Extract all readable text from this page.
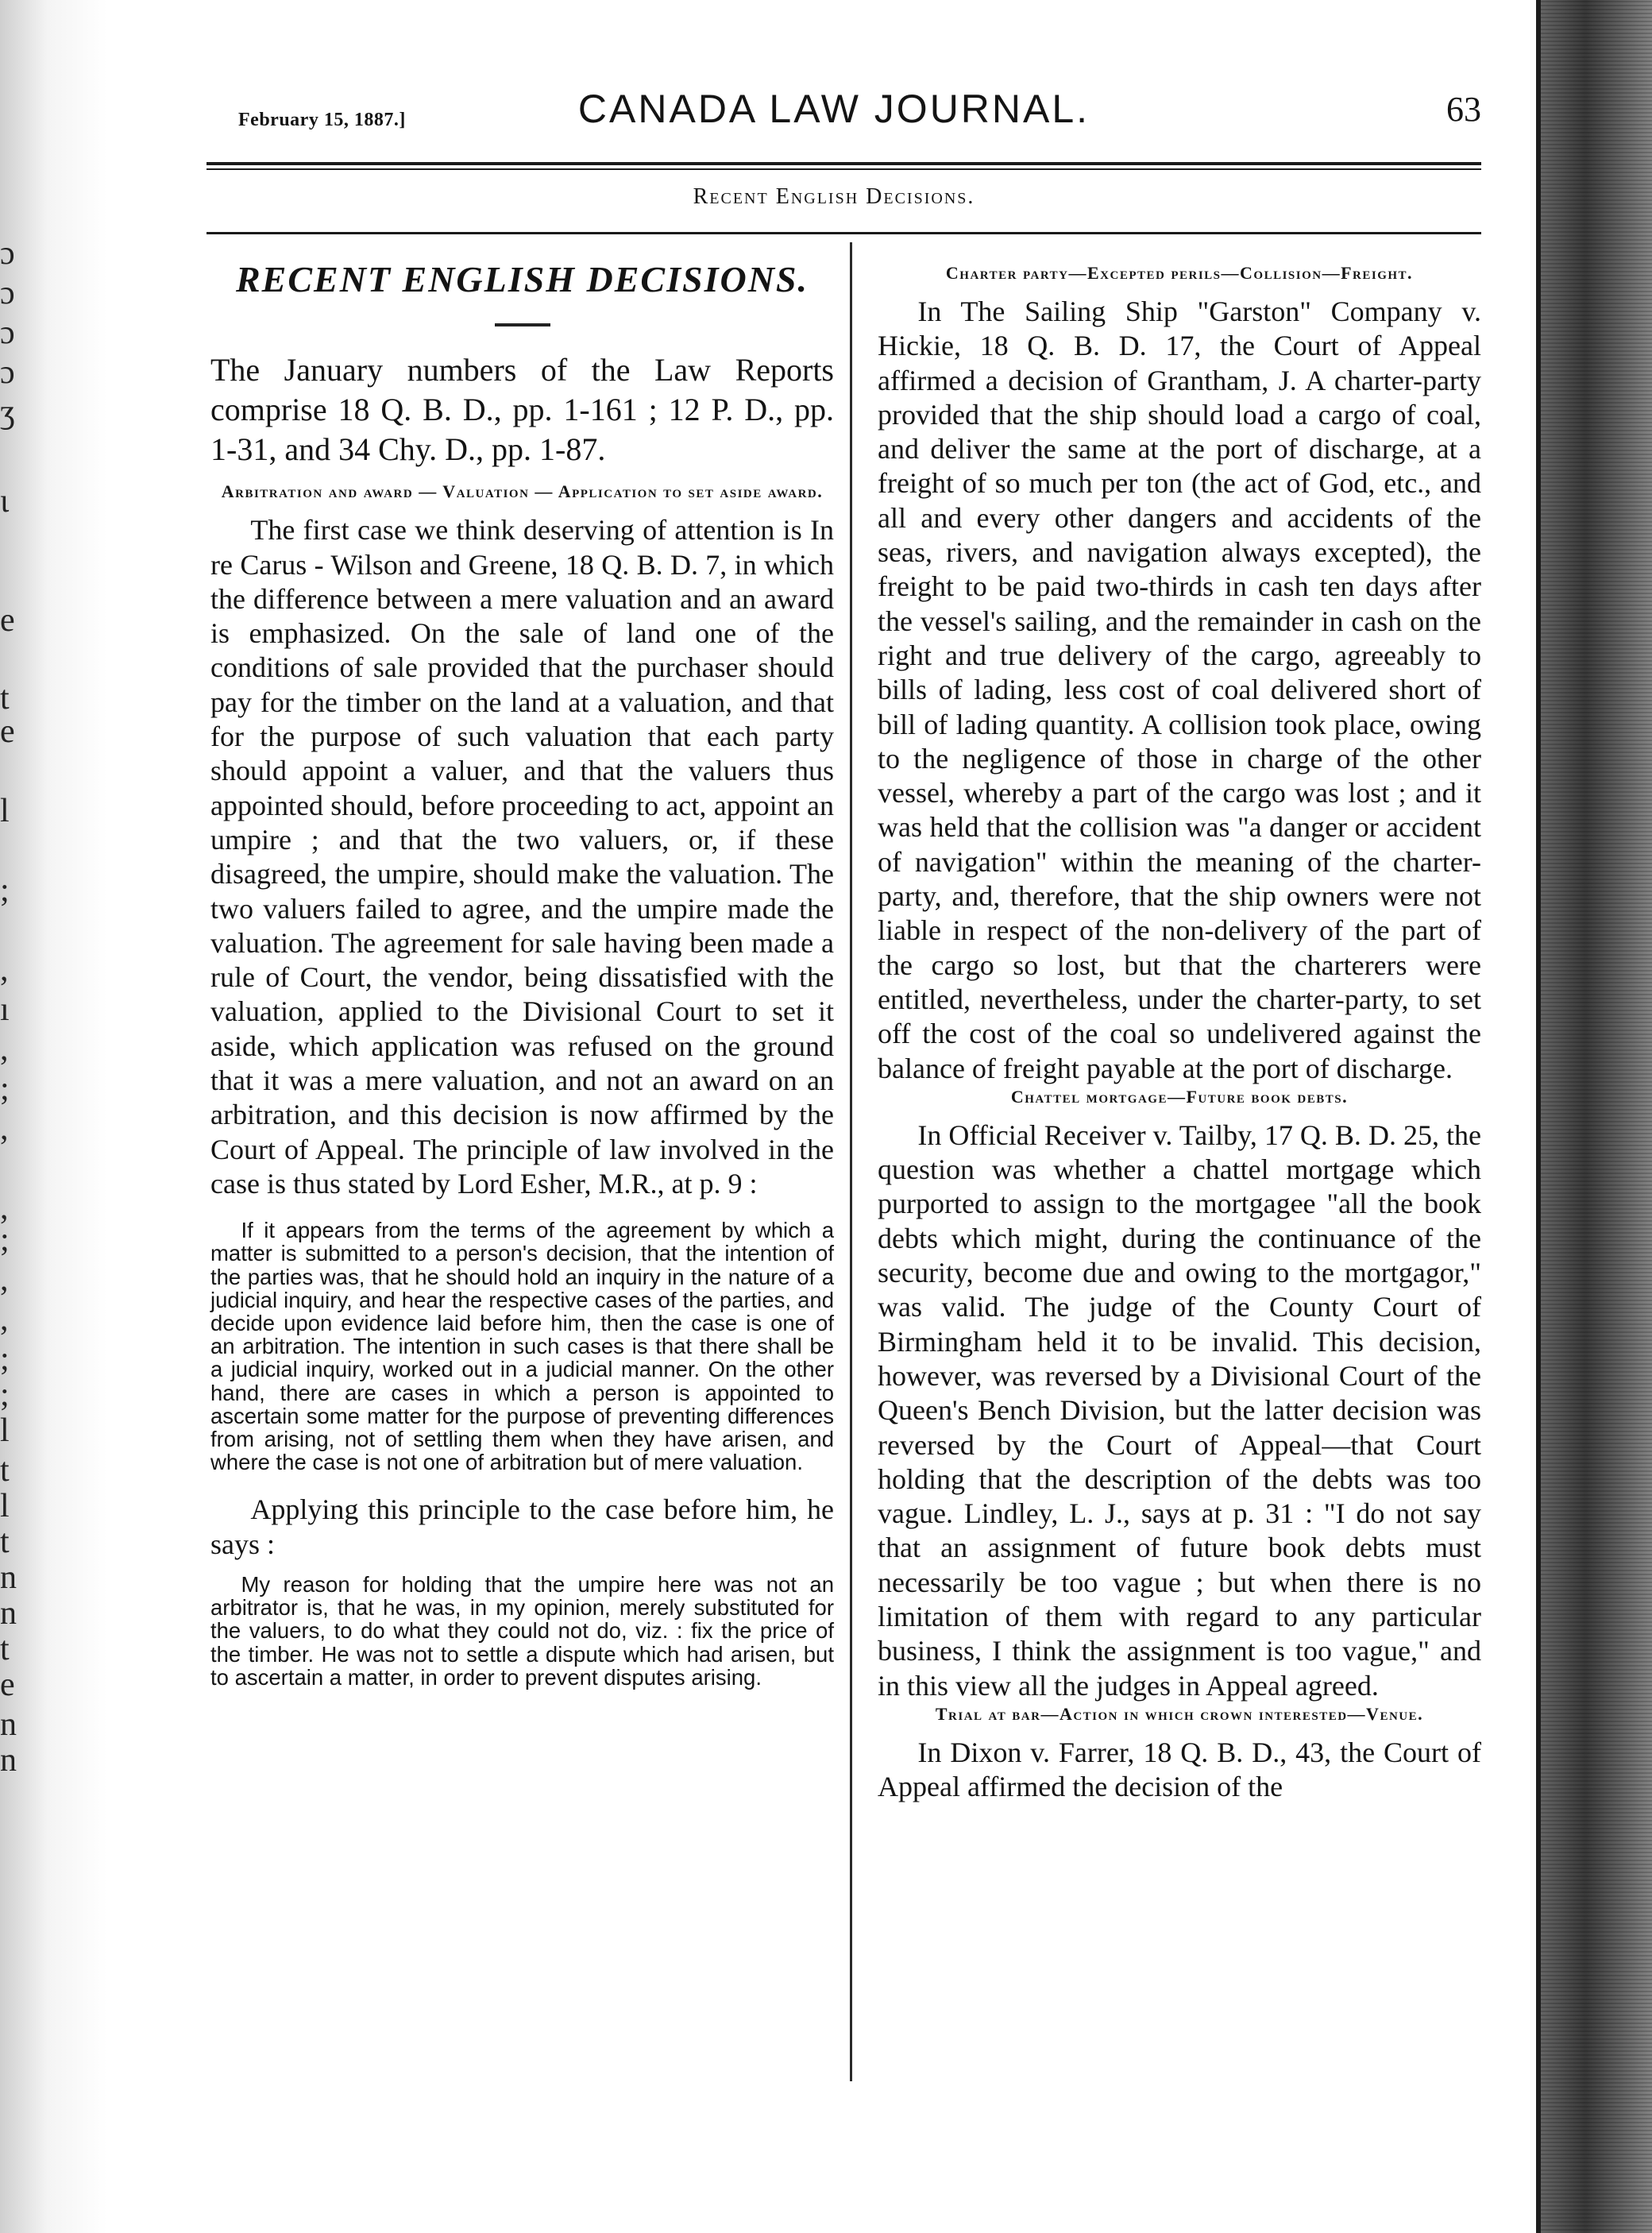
ɔ
ɔ
ɔ
ɔ
ʒ
ɩ
e
t
e
l
;
,
ı
,
;
,
,
;
,
,
;
;
l
t
l
t
n
n
t
e
n
n
February 15, 1887.]	CANADA LAW JOURNAL.	63
Recent English Decisions.
RECENT ENGLISH DECISIONS.

The January numbers of the Law Reports comprise 18 Q. B. D., pp. 1-161 ; 12 P. D., pp. 1-31, and 34 Chy. D., pp. 1-87.

Arbitration and award — Valuation — Application to set aside award.

The first case we think deserving of attention is In re Carus - Wilson and Greene, 18 Q. B. D. 7, in which the difference between a mere valuation and an award is emphasized. On the sale of land one of the conditions of sale provided that the purchaser should pay for the timber on the land at a valuation, and that for the purpose of such valuation that each party should appoint a valuer, and that the valuers thus appointed should, before proceeding to act, appoint an umpire ; and that the two valuers, or, if these disagreed, the umpire, should make the valuation. The two valuers failed to agree, and the umpire made the valuation. The agreement for sale having been made a rule of Court, the vendor, being dissatisfied with the valuation, applied to the Divisional Court to set it aside, which application was refused on the ground that it was a mere valuation, and not an award on an arbitration, and this decision is now affirmed by the Court of Appeal. The principle of law involved in the case is thus stated by Lord Esher, M.R., at p. 9 :

If it appears from the terms of the agreement by which a matter is submitted to a person's decision, that the intention of the parties was, that he should hold an inquiry in the nature of a judicial inquiry, and hear the respective cases of the parties, and decide upon evidence laid before him, then the case is one of an arbitration. The intention in such cases is that there shall be a judicial inquiry, worked out in a judicial manner. On the other hand, there are cases in which a person is appointed to ascertain some matter for the purpose of preventing differences from arising, not of settling them when they have arisen, and where the case is not one of arbitration but of mere valuation.

Applying this principle to the case before him, he says :

My reason for holding that the umpire here was not an arbitrator is, that he was, in my opinion, merely substituted for the valuers, to do what they could not do, viz. : fix the price of the timber. He was not to settle a dispute which had arisen, but to ascertain a matter, in order to prevent disputes arising.

Charter party—Excepted perils—Collision—Freight.

In The Sailing Ship "Garston" Company v. Hickie, 18 Q. B. D. 17, the Court of Appeal affirmed a decision of Grantham, J. A charter-party provided that the ship should load a cargo of coal, and deliver the same at the port of discharge, at a freight of so much per ton (the act of God, etc., and all and every other dangers and accidents of the seas, rivers, and navigation always excepted), the freight to be paid two-thirds in cash ten days after the vessel's sailing, and the remainder in cash on the right and true delivery of the cargo, agreeably to bills of lading, less cost of coal delivered short of bill of lading quantity. A collision took place, owing to the negligence of those in charge of the other vessel, whereby a part of the cargo was lost ; and it was held that the collision was "a danger or accident of navigation" within the meaning of the charter-party, and, therefore, that the ship owners were not liable in respect of the non-delivery of the part of the cargo so lost, but that the charterers were entitled, nevertheless, under the charter-party, to set off the cost of the coal so undelivered against the balance of freight payable at the port of discharge.

Chattel mortgage—Future book debts.

In Official Receiver v. Tailby, 17 Q. B. D. 25, the question was whether a chattel mortgage which purported to assign to the mortgagee "all the book debts which might, during the continuance of the security, become due and owing to the mortgagor," was valid. The judge of the County Court of Birmingham held it to be invalid. This decision, however, was reversed by a Divisional Court of the Queen's Bench Division, but the latter decision was reversed by the Court of Appeal—that Court holding that the description of the debts was too vague. Lindley, L. J., says at p. 31 : "I do not say that an assignment of future book debts must necessarily be too vague ; but when there is no limitation of them with regard to any particular business, I think the assignment is too vague," and in this view all the judges in Appeal agreed.

Trial at bar—Action in which crown interested—Venue.

In Dixon v. Farrer, 18 Q. B. D., 43, the Court of Appeal affirmed the decision of the
